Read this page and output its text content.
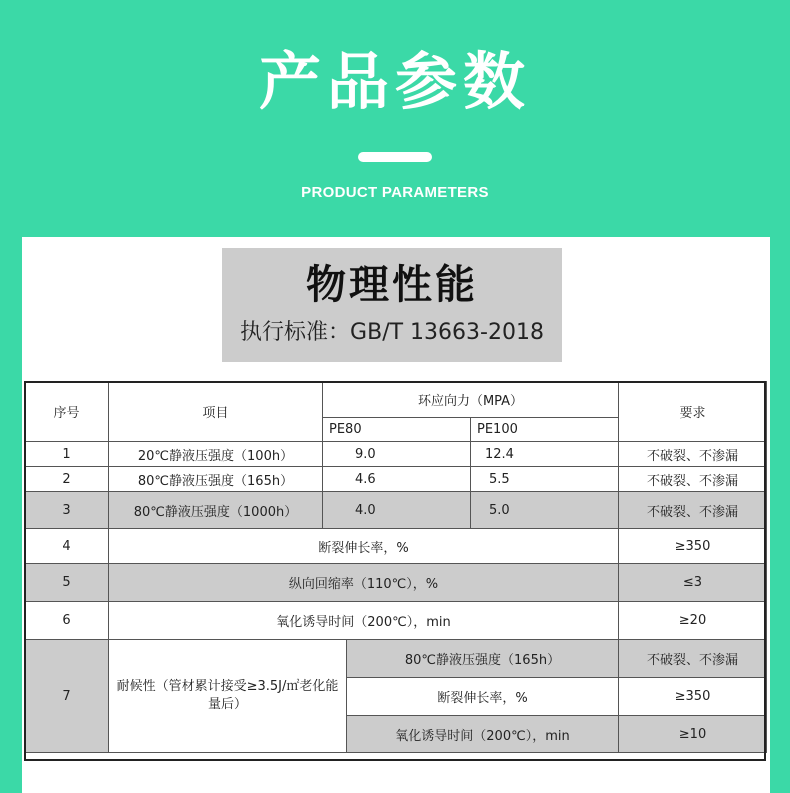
产品参数
PRODUCT PARAMETERS
物理性能
执行标准：GB/T 13663-2018
序号	项目	环应向力（MPA）			要求
		PE80		PE100	
1	20℃静液压强度（100h）	9.0		12.4	不破裂、不渗漏
2	80℃静液压强度（165h）	4.6		5.5	不破裂、不渗漏
3	80℃静液压强度（1000h）	4.0		5.0	不破裂、不渗漏
4	断裂伸长率，%				≥350
5	纵向回缩率（110℃），%				≤3
6	氧化诱导时间（200℃），min				≥20
7	耐候性（管材累计接受≥3.5J/㎡老化能量后）		80℃静液压强度（165h）		不破裂、不渗漏
			断裂伸长率，%		≥350
			氧化诱导时间（200℃），min		≥10
